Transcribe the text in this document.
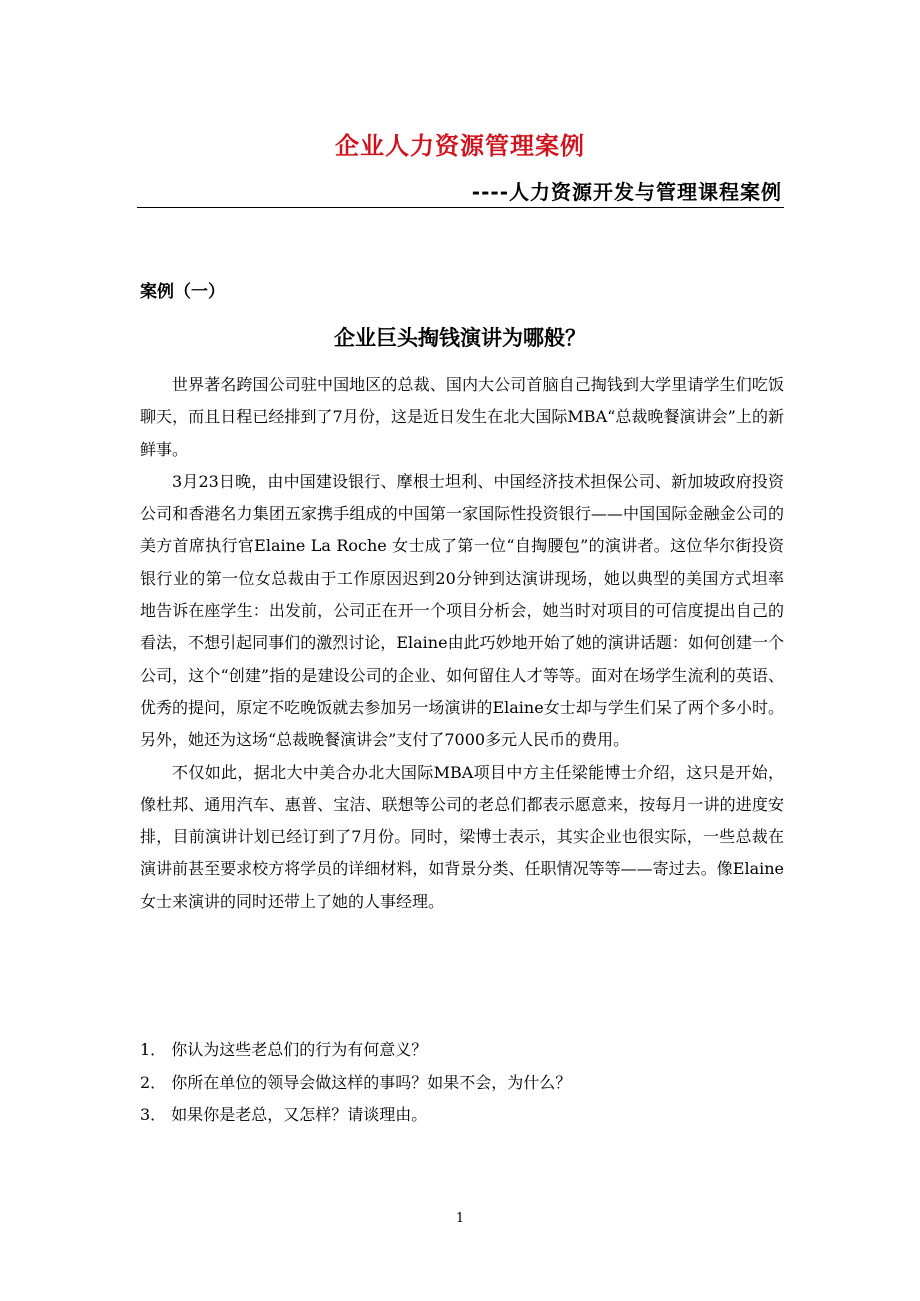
企业人力资源管理案例
----人力资源开发与管理课程案例
案例（一）
企业巨头掏钱演讲为哪般？

世界著名跨国公司驻中国地区的总裁、国内大公司首脑自己掏钱到大学里请学生们吃饭聊天，而且日程已经排到了7月份，这是近日发生在北大国际MBA“总裁晚餐演讲会”上的新鲜事。

3月23日晚，由中国建设银行、摩根士坦利、中国经济技术担保公司、新加坡政府投资公司和香港名力集团五家携手组成的中国第一家国际性投资银行——中国国际金融金公司的美方首席执行官Elaine La Roche 女士成了第一位“自掏腰包”的演讲者。这位华尔街投资银行业的第一位女总裁由于工作原因迟到20分钟到达演讲现场，她以典型的美国方式坦率地告诉在座学生：出发前，公司正在开一个项目分析会，她当时对项目的可信度提出自己的看法，不想引起同事们的激烈讨论，Elaine由此巧妙地开始了她的演讲话题：如何创建一个公司，这个“创建”指的是建设公司的企业、如何留住人才等等。面对在场学生流利的英语、优秀的提问，原定不吃晚饭就去参加另一场演讲的Elaine女士却与学生们呆了两个多小时。另外，她还为这场“总裁晚餐演讲会”支付了7000多元人民币的费用。

不仅如此，据北大中美合办北大国际MBA项目中方主任梁能博士介绍，这只是开始，像杜邦、通用汽车、惠普、宝洁、联想等公司的老总们都表示愿意来，按每月一讲的进度安排，目前演讲计划已经订到了7月份。同时，梁博士表示，其实企业也很实际，一些总裁在演讲前甚至要求校方将学员的详细材料，如背景分类、任职情况等等——寄过去。像Elaine女士来演讲的同时还带上了她的人事经理。

1． 你认为这些老总们的行为有何意义？
2． 你所在单位的领导会做这样的事吗？如果不会，为什么？
3． 如果你是老总，又怎样？请谈理由。
1
